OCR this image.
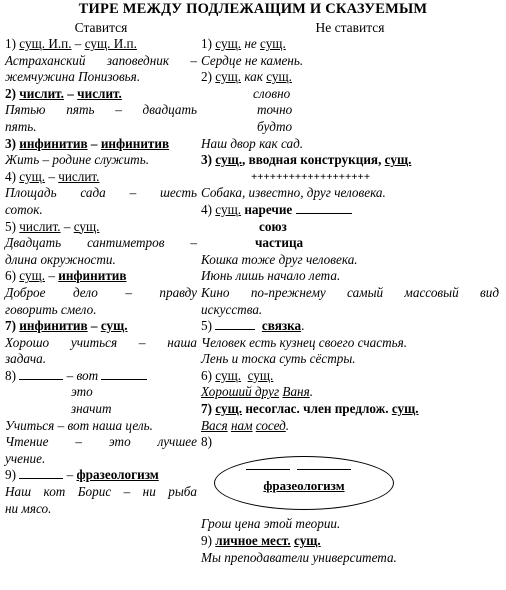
ТИРЕ МЕЖДУ ПОДЛЕЖАЩИМ И СКАЗУЕМЫМ
Ставится
1) сущ. И.п. – сущ. И.п.
Астраханский заповедник –
жемчужина Понизовья.
2) числит. – числит.
Пятью пять – двадцать
пять.
3) инфинитив – инфинитив
Жить – родине служить.
4) сущ. – числит.
Площадь сада – шесть
соток.
5) числит. – сущ.
Двадцать сантиметров –
длина окружности.
6) сущ. – инфинитив
Доброе дело – правду
говорить смело.
7) инфинитив – сущ.
Хорошо учиться – наша
задача.
8)	– вот
это
значит
Учиться – вот наша цель.
Чтение – это лучшее
учение.
9)	– фразеологизм
Наш кот Борис – ни рыба
ни мясо.
Не ставится
1) сущ. не сущ.
Сердце не камень.
2) сущ. как сущ.
словно
точно
будто
Наш двор как сад.
3) сущ., вводная конструкция, сущ.
+++++++++++++++++++
Собака, известно, друг человека.
4) сущ. наречие
союз
частица
Кошка тоже друг человека.
Июнь лишь начало лета.
Кино по-прежнему самый массовый вид
искусства.
5)	связка.
Человек есть кузнец своего счастья.
Лень и тоска суть сёстры.
6) сущ. сущ.
Хороший друг Ваня.
7) сущ. несоглас. член предлож. сущ.
Вася нам сосед.
8)

фразеологизм
Грош цена этой теории.
9) личное мест. сущ.
Мы преподаватели университета.
